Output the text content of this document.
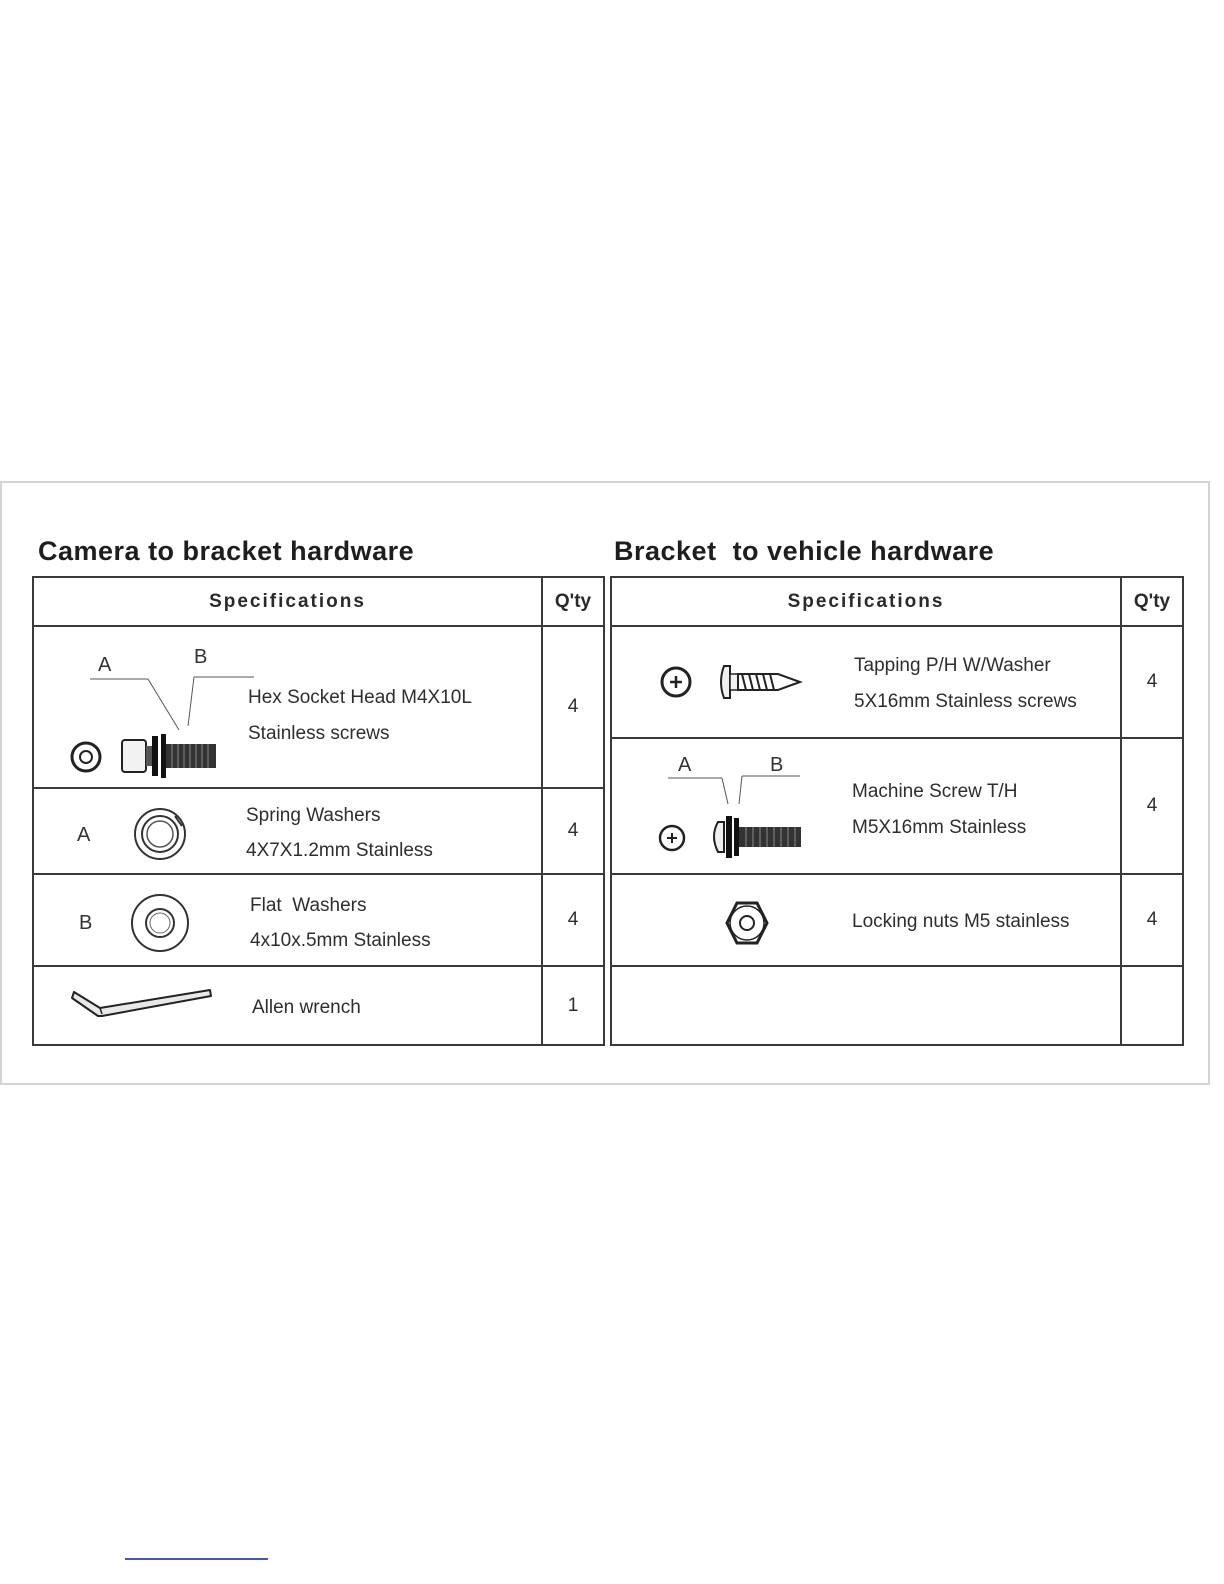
Camera to bracket hardware	Bracket  to vehicle hardware
Specifications	Q'ty

A B
Hex Socket Head M4X10L
Stainless screws	4

A
Spring Washers
4X7X1.2mm Stainless	4

B
Flat  Washers
4x10x.5mm Stainless	4

Allen wrench	1
Specifications	Q'ty

Tapping P/H W/Washer
5X16mm Stainless screws	4

A B
Machine Screw T/H
M5X16mm Stainless	4

Locking nuts M5 stainless	4
